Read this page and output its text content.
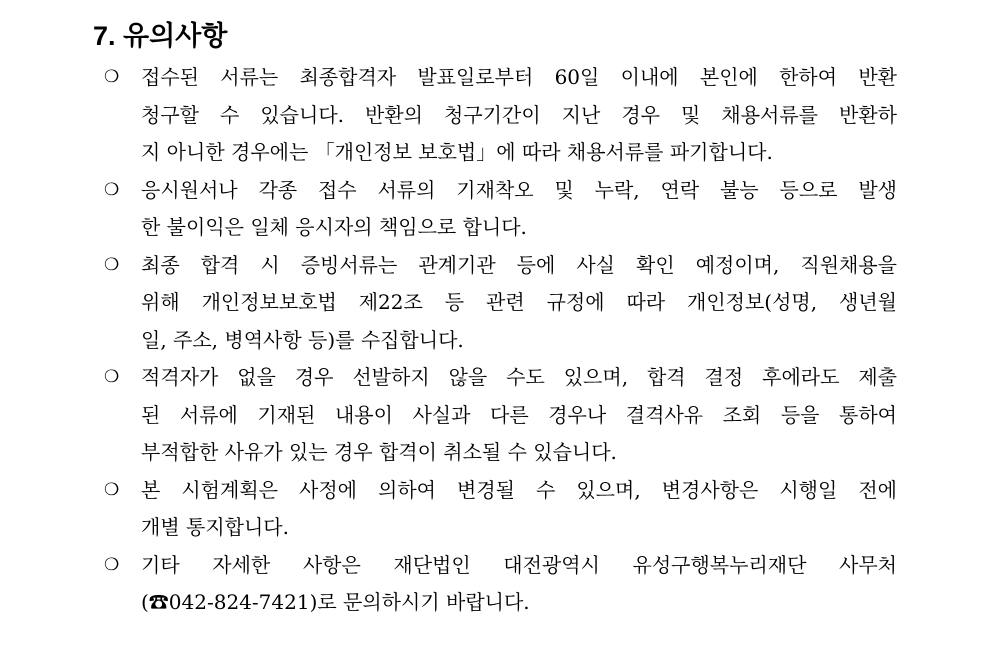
7. 유의사항
❍	접수된 서류는 최종합격자 발표일로부터 60일 이내에 본인에 한하여 반환
청구할 수 있습니다. 반환의 청구기간이 지난 경우 및 채용서류를 반환하
지 아니한 경우에는 「개인정보 보호법」에 따라 채용서류를 파기합니다.
❍	응시원서나 각종 접수 서류의 기재착오 및 누락, 연락 불능 등으로 발생
한 불이익은 일체 응시자의 책임으로 합니다.
❍	최종 합격 시 증빙서류는 관계기관 등에 사실 확인 예정이며, 직원채용을
위해 개인정보보호법 제22조 등 관련 규정에 따라 개인정보(성명, 생년월
일, 주소, 병역사항 등)를 수집합니다.
❍	적격자가 없을 경우 선발하지 않을 수도 있으며, 합격 결정 후에라도 제출
된 서류에 기재된 내용이 사실과 다른 경우나 결격사유 조회 등을 통하여
부적합한 사유가 있는 경우 합격이 취소될 수 있습니다.
❍	본 시험계획은 사정에 의하여 변경될 수 있으며, 변경사항은 시행일 전에
개별 통지합니다.
❍	기타 자세한 사항은 재단법인 대전광역시 유성구행복누리재단 사무처
(☎042-824-7421)로 문의하시기 바랍니다.
